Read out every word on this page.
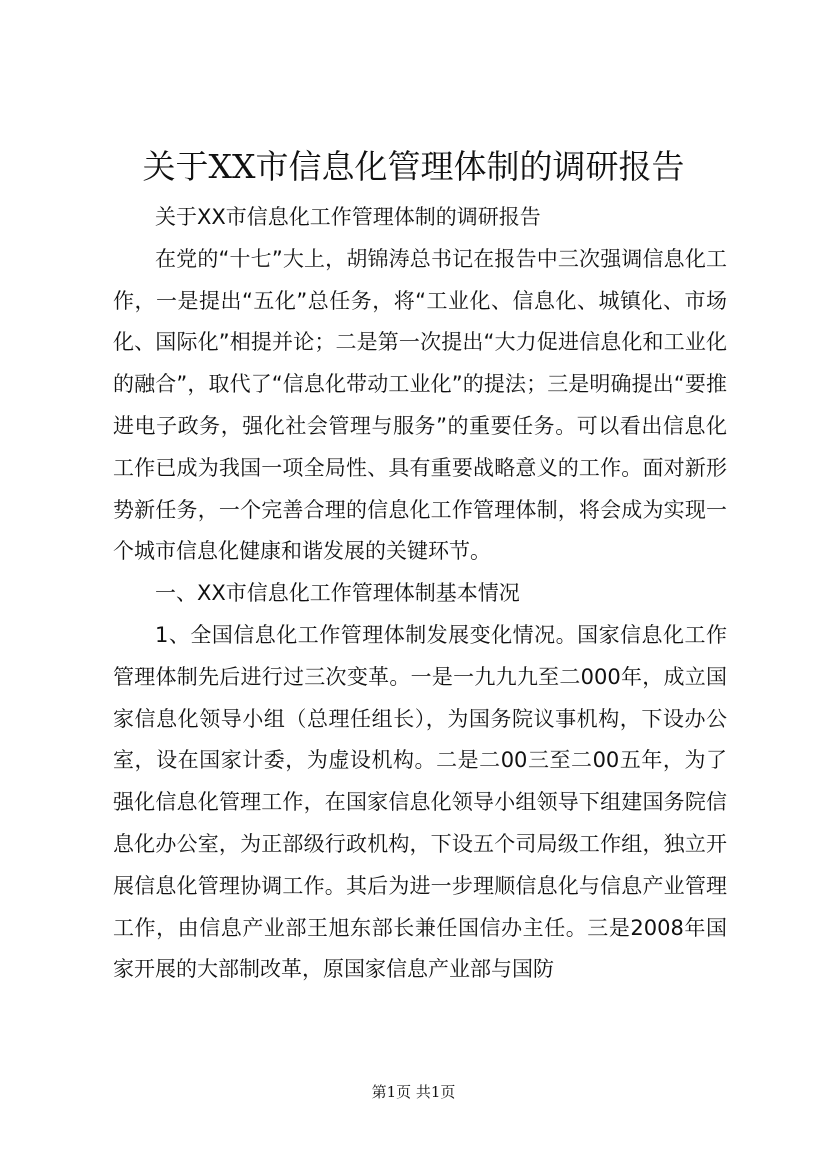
关于XX市信息化管理体制的调研报告

关于XX市信息化工作管理体制的调研报告

在党的“十七”大上，胡锦涛总书记在报告中三次强调信息化工作，一是提出“五化”总任务，将“工业化、信息化、城镇化、市场化、国际化”相提并论；二是第一次提出“大力促进信息化和工业化的融合”，取代了“信息化带动工业化”的提法；三是明确提出“要推进电子政务，强化社会管理与服务”的重要任务。可以看出信息化工作已成为我国一项全局性、具有重要战略意义的工作。面对新形势新任务，一个完善合理的信息化工作管理体制，将会成为实现一个城市信息化健康和谐发展的关键环节。

一、XX市信息化工作管理体制基本情况

1、全国信息化工作管理体制发展变化情况。国家信息化工作管理体制先后进行过三次变革。一是一九九九至二000年，成立国家信息化领导小组（总理任组长），为国务院议事机构，下设办公室，设在国家计委，为虚设机构。二是二00三至二00五年，为了强化信息化管理工作，在国家信息化领导小组领导下组建国务院信息化办公室，为正部级行政机构，下设五个司局级工作组，独立开展信息化管理协调工作。其后为进一步理顺信息化与信息产业管理工作，由信息产业部王旭东部长兼任国信办主任。三是2008年国家开展的大部制改革，原国家信息产业部与国防

第1页 共1页
